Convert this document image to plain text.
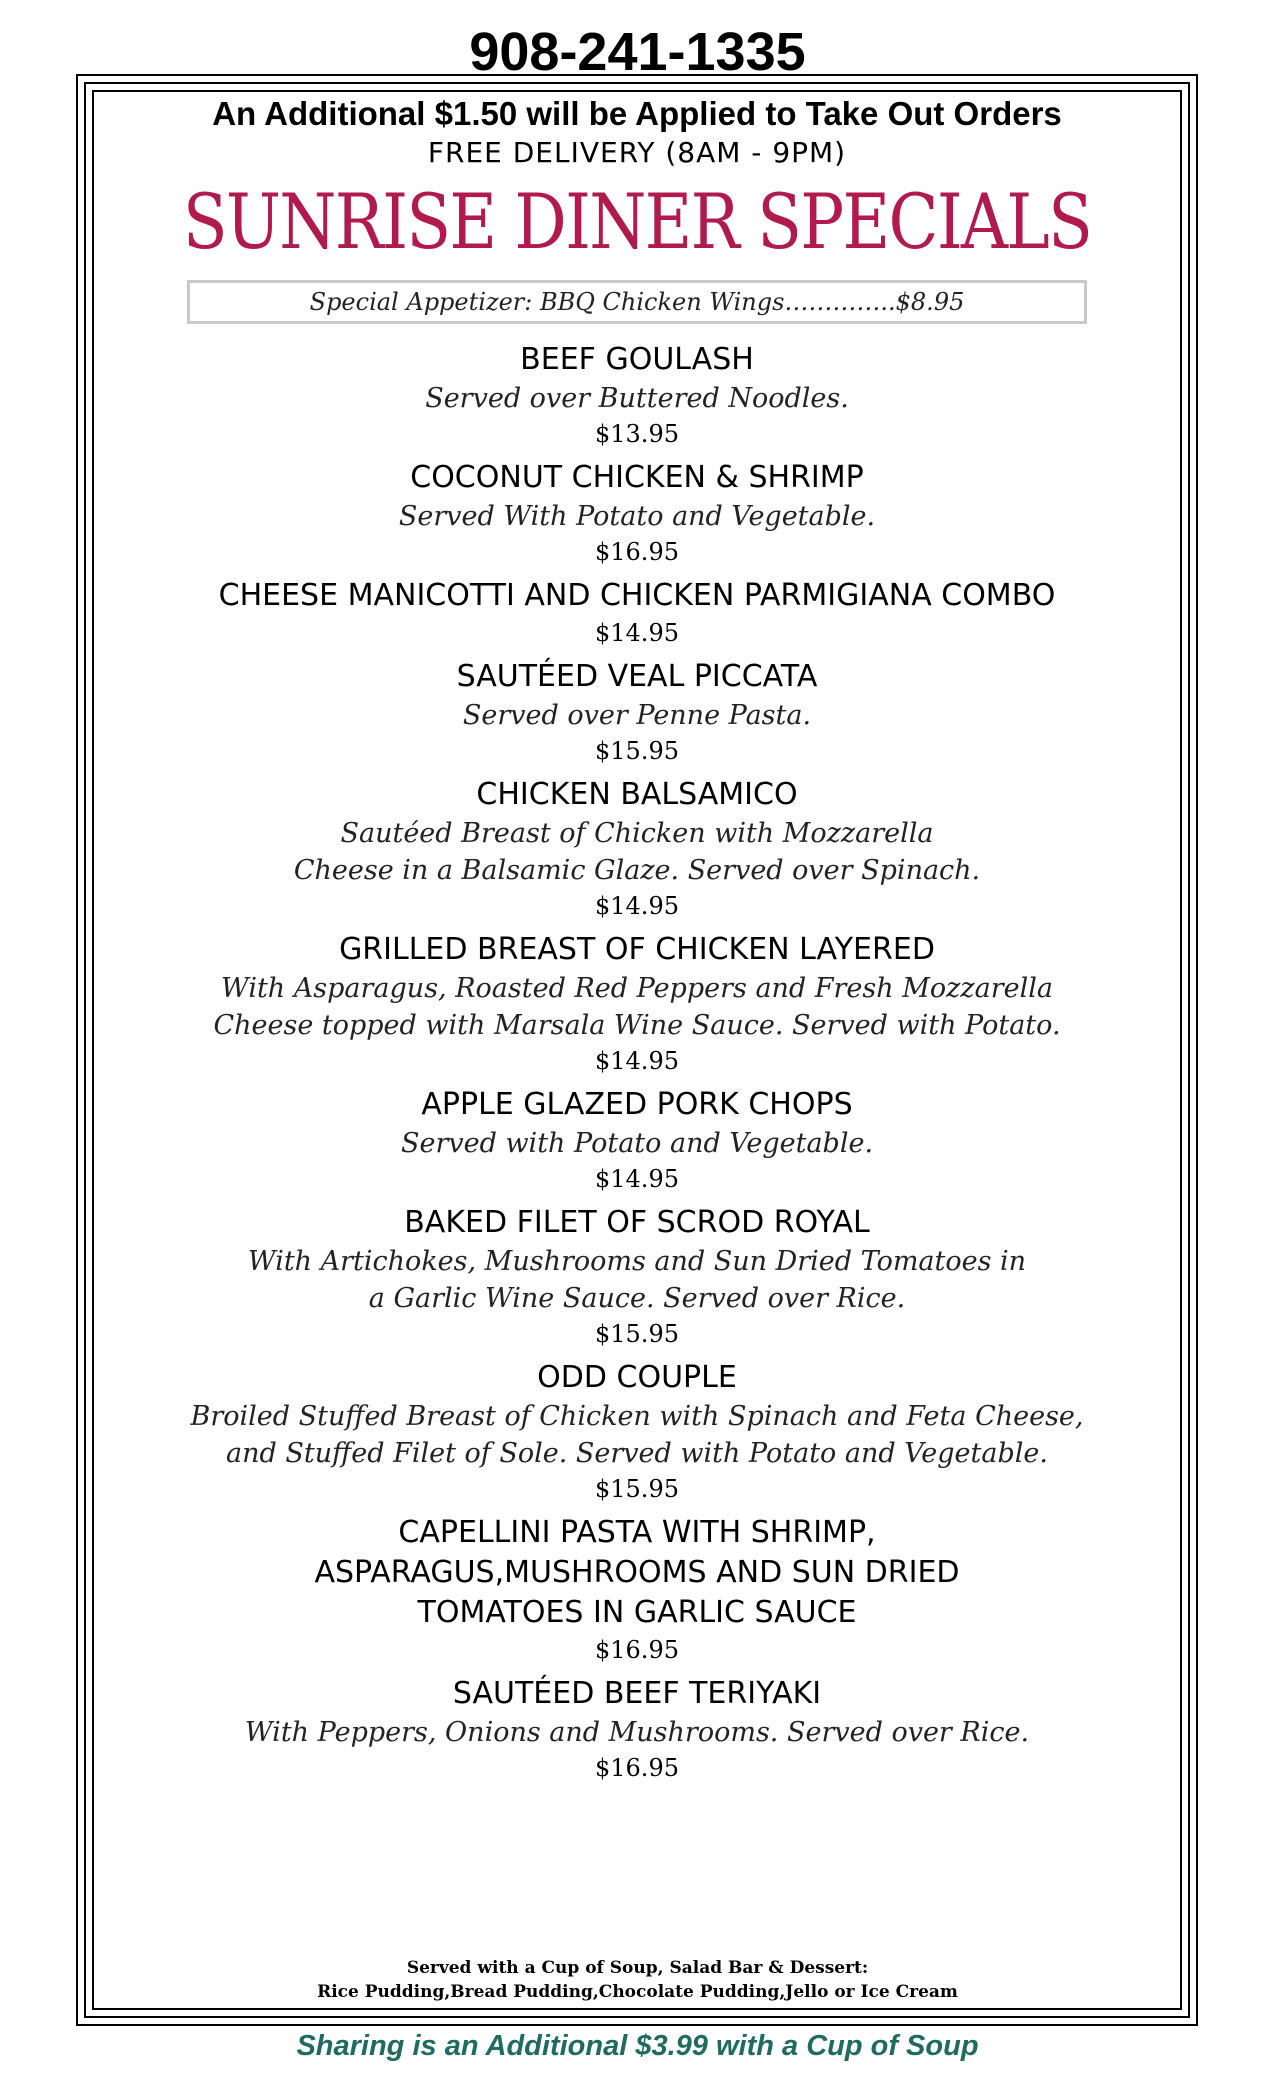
908-241-1335
An Additional $1.50 will be Applied to Take Out Orders
FREE DELIVERY (8AM - 9PM)
SUNRISE DINER SPECIALS
Special Appetizer: BBQ Chicken Wings…………..$8.95
BEEF GOULASH
Served over Buttered Noodles.
$13.95
COCONUT CHICKEN & SHRIMP
Served With Potato and Vegetable.
$16.95
CHEESE MANICOTTI AND CHICKEN PARMIGIANA COMBO
$14.95
SAUTÉED VEAL PICCATA
Served over Penne Pasta.
$15.95
CHICKEN BALSAMICO
Sautéed Breast of Chicken with Mozzarella Cheese in a Balsamic Glaze. Served over Spinach.
$14.95
GRILLED BREAST OF CHICKEN LAYERED
With Asparagus, Roasted Red Peppers and Fresh Mozzarella Cheese topped with Marsala Wine Sauce. Served with Potato.
$14.95
APPLE GLAZED PORK CHOPS
Served with Potato and Vegetable.
$14.95
BAKED FILET OF SCROD ROYAL
With Artichokes, Mushrooms and Sun Dried Tomatoes in a Garlic Wine Sauce. Served over Rice.
$15.95
ODD COUPLE
Broiled Stuffed Breast of Chicken with Spinach and Feta Cheese, and Stuffed Filet of Sole. Served with Potato and Vegetable.
$15.95
CAPELLINI PASTA WITH SHRIMP, ASPARAGUS,MUSHROOMS AND SUN DRIED TOMATOES IN GARLIC SAUCE
$16.95
SAUTÉED BEEF TERIYAKI
With Peppers, Onions and Mushrooms. Served over Rice.
$16.95
Served with a Cup of Soup, Salad Bar & Dessert:
Rice Pudding,Bread Pudding,Chocolate Pudding,Jello or Ice Cream
Sharing is an Additional $3.99 with a Cup of Soup
